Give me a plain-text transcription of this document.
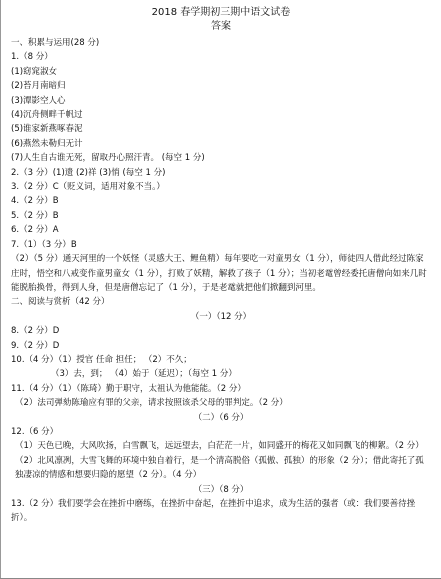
2018 春学期初三期中语文试卷
答案
一、积累与运用(28 分)
1.（8 分）
(1)窈窕淑女
(2)苔月南暗归
(3)潭影空人心
(4)沉舟侧畔千帆过
(5)谁家新燕啄春泥
(6)燕然未勒归无计
(7)人生自古谁无死，留取丹心照汗青。 (每空 1 分)
2.（3 分）(1)遗 (2)祥 (3)悄 (每空 1 分)
3.（2 分）C（贬义词，适用对象不当。）
4.（2 分）B
5.（2 分）B
6.（2 分）A
7.（1）（3 分）B
（2）（5 分）通天河里的一个妖怪（灵感大王、鲤鱼精）每年要吃一对童男女（1 分），师徒四人借此经过陈家庄时，悟空和八戒变作童男童女（1 分），打败了妖精，解救了孩子（1 分）；当初老鼋曾经委托唐僧向如来几时能脱胎换骨，得到人身，但是唐僧忘记了（1 分），于是老鼋就把他们掀翻到河里。
二、阅读与赏析（42 分）
（一）（12 分）
8.（2 分）D
9.（2 分）D
10.（4 分）（1）授官 任命 担任； （2）不久；
（3）去，到； （4）始于（延迟）；（每空 1 分）
11.（4 分）（1）（陈琦）勤于职守，太祖认为他能能。（2 分）
（2）法司弹劾陈瑜应有罪的父亲，请求按照该杀父母的罪判定。（2 分）
（二）（6 分）
12.（6 分）
（1）天色已晚，大风吹扬，白雪飘飞，远远望去，白茫茫一片，如同盛开的梅花又如同飘飞的柳絮。（2 分）
（2）北风凛冽，大雪飞舞的环境中独自着行，是一个清高脱俗（孤傲、孤独）的形象（2 分）；借此寄托了孤独凄凉的情感和想要归隐的愿望（2 分）。（4 分）
（三）（8 分）
13.（2 分）我们要学会在挫折中磨练，在挫折中奋起，在挫折中追求，成为生活的强者（或：我们要善待挫折）。
